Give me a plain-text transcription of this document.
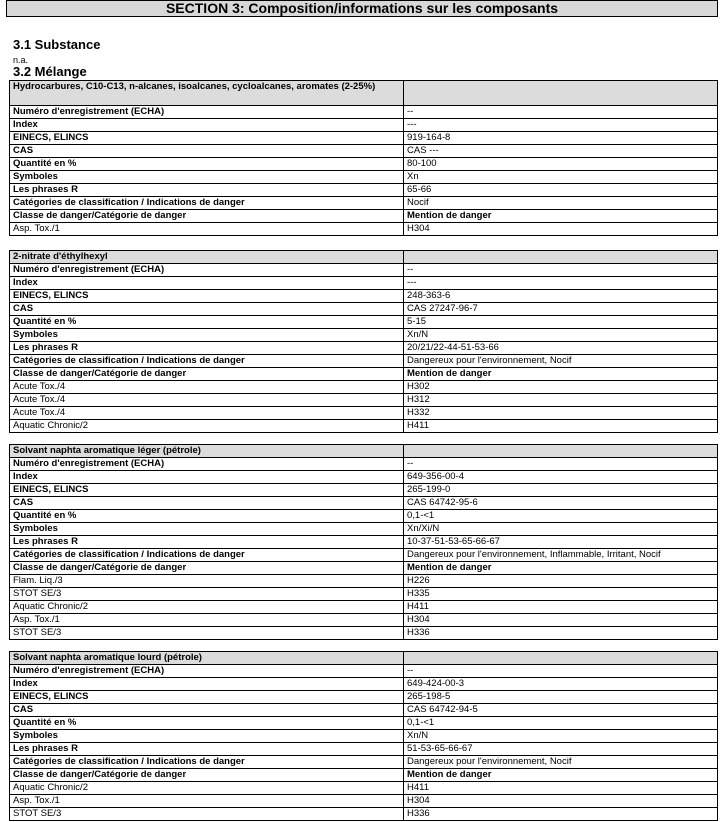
SECTION 3: Composition/informations sur les composants
3.1 Substance
n.a.
3.2 Mélange
Hydrocarbures, C10-C13, n-alcanes, isoalcanes, cycloalcanes, aromates (2-25%)	
Numéro d'enregistrement (ECHA)	--
Index	---
EINECS, ELINCS	919-164-8
CAS	CAS ---
Quantité en %	80-100
Symboles	Xn
Les phrases R	65-66
Catégories de classification / Indications de danger	Nocif
Classe de danger/Catégorie de danger	Mention de danger
Asp. Tox./1	H304
2-nitrate d'éthylhexyl	
Numéro d'enregistrement (ECHA)	--
Index	---
EINECS, ELINCS	248-363-6
CAS	CAS 27247-96-7
Quantité en %	5-15
Symboles	Xn/N
Les phrases R	20/21/22-44-51-53-66
Catégories de classification / Indications de danger	Dangereux pour l'environnement, Nocif
Classe de danger/Catégorie de danger	Mention de danger
Acute Tox./4	H302
Acute Tox./4	H312
Acute Tox./4	H332
Aquatic Chronic/2	H411
Solvant naphta aromatique léger (pétrole)	
Numéro d'enregistrement (ECHA)	--
Index	649-356-00-4
EINECS, ELINCS	265-199-0
CAS	CAS 64742-95-6
Quantité en %	0,1-<1
Symboles	Xn/Xi/N
Les phrases R	10-37-51-53-65-66-67
Catégories de classification / Indications de danger	Dangereux pour l'environnement, Inflammable, Irritant, Nocif
Classe de danger/Catégorie de danger	Mention de danger
Flam. Liq./3	H226
STOT SE/3	H335
Aquatic Chronic/2	H411
Asp. Tox./1	H304
STOT SE/3	H336
Solvant naphta aromatique lourd (pétrole)	
Numéro d'enregistrement (ECHA)	--
Index	649-424-00-3
EINECS, ELINCS	265-198-5
CAS	CAS 64742-94-5
Quantité en %	0,1-<1
Symboles	Xn/N
Les phrases R	51-53-65-66-67
Catégories de classification / Indications de danger	Dangereux pour l'environnement, Nocif
Classe de danger/Catégorie de danger	Mention de danger
Aquatic Chronic/2	H411
Asp. Tox./1	H304
STOT SE/3	H336
